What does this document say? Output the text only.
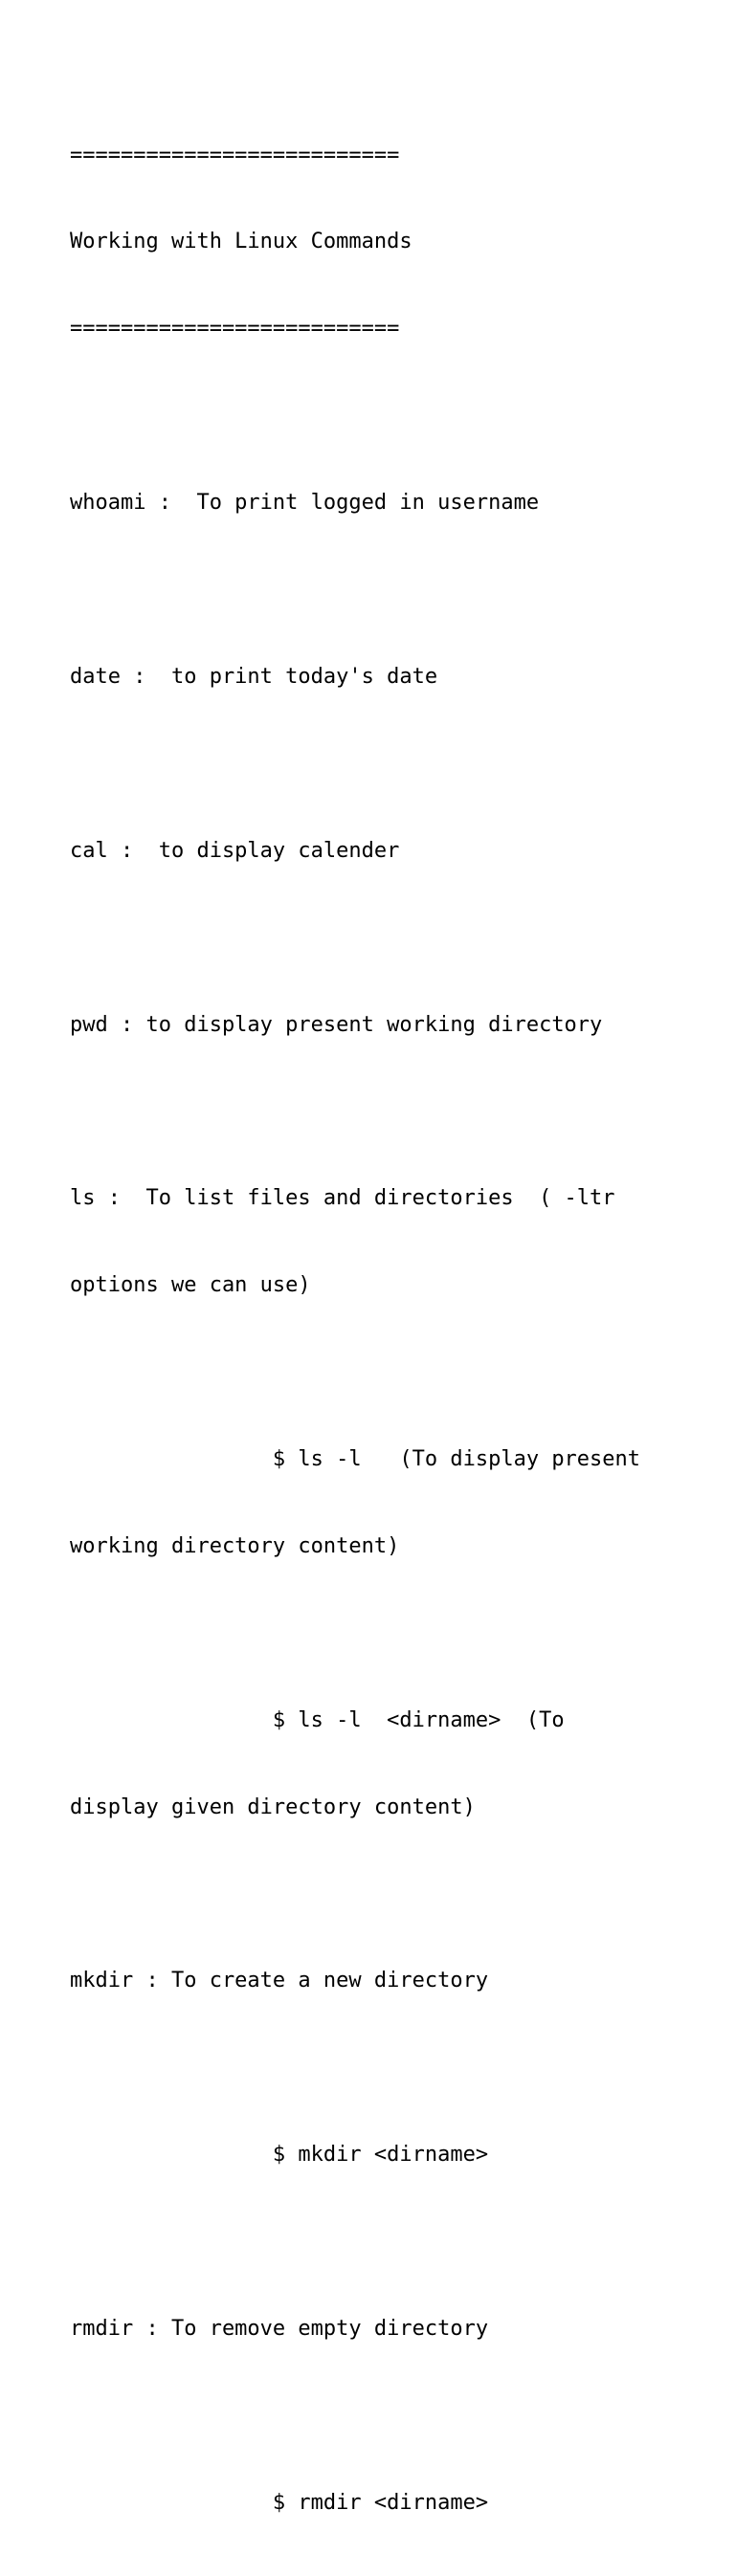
==========================

Working with Linux Commands

==========================

whoami :  To print logged in username

date :  to print today's date

cal :  to display calender

pwd : to display present working directory

ls :  To list files and directories  ( -ltr

options we can use)

$ ls -l   (To display present

working directory content)

$ ls -l  <dirname>  (To

display given directory content)

mkdir : To create a new directory

$ mkdir <dirname>

rmdir : To remove empty directory

$ rmdir <dirname>
